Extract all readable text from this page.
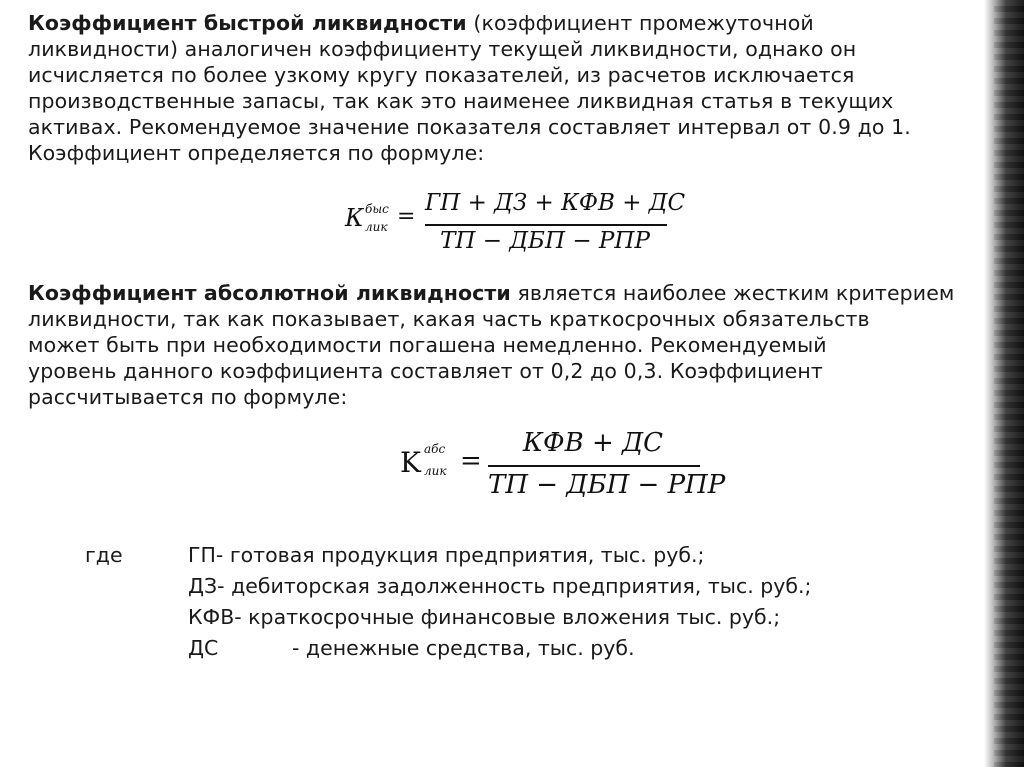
Коэффициент быстрой ликвидности (коэффициент промежуточной
ликвидности) аналогичен коэффициенту текущей ликвидности, однако он
исчисляется по более узкому кругу показателей, из расчетов исключается
производственные запасы, так как это наименее ликвидная статья в текущих
активах. Рекомендуемое значение показателя составляет интервал от 0.9 до 1.
Коэффициент определяется по формуле:

К быс
лик =
ГП + ДЗ + КФВ + ДС
ТП − ДБП − РПР

Коэффициент абсолютной ликвидности является наиболее жестким критерием
ликвидности, так как показывает, какая часть краткосрочных обязательств
может быть при необходимости погашена немедленно. Рекомендуемый
уровень данного коэффициента составляет от 0,2 до 0,3. Коэффициент
рассчитывается по формуле:

K абс
лик =
КФВ + ДС
ТП − ДБП − РПР
где	ГП- готовая продукция предприятия, тыс. руб.;
ДЗ- дебиторская задолженность предприятия, тыс. руб.;
КФВ- краткосрочные финансовые вложения тыс. руб.;
ДС	- денежные средства, тыс. руб.
